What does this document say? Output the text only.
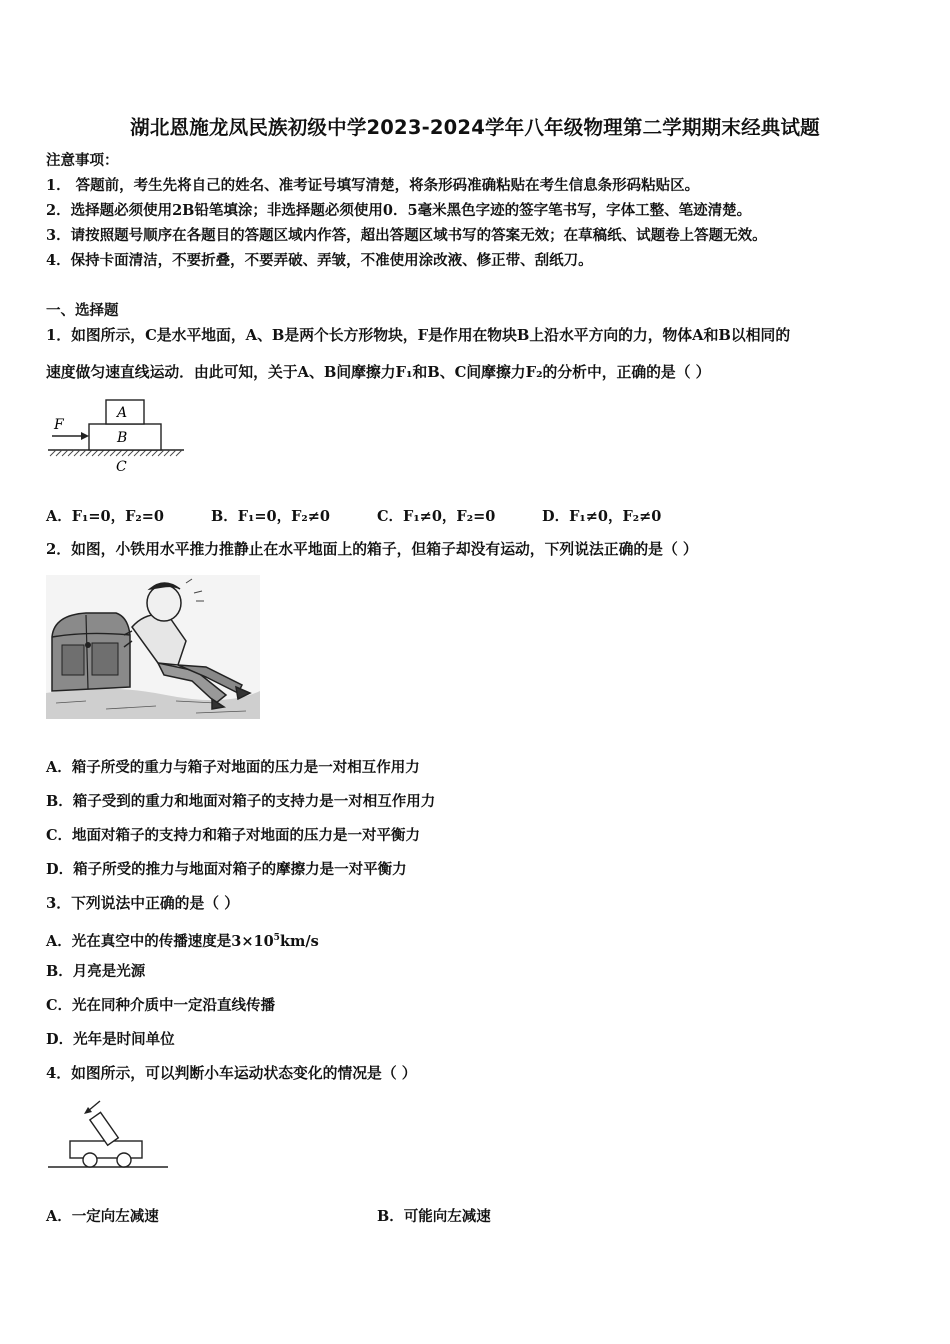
湖北恩施龙凤民族初级中学2023-2024学年八年级物理第二学期期末经典试题
注意事项：
1． 答题前，考生先将自己的姓名、准考证号填写清楚，将条形码准确粘贴在考生信息条形码粘贴区。
2．选择题必须使用2B铅笔填涂；非选择题必须使用0．5毫米黑色字迹的签字笔书写，字体工整、笔迹清楚。
3．请按照题号顺序在各题目的答题区域内作答，超出答题区域书写的答案无效；在草稿纸、试题卷上答题无效。
4．保持卡面清洁，不要折叠，不要弄破、弄皱，不准使用涂改液、修正带、刮纸刀。
一、选择题
1．如图所示，C是水平地面，A、B是两个长方形物块，F是作用在物块B上沿水平方向的力，物体A和B以相同的
速度做匀速直线运动．由此可知，关于A、B间摩擦力F₁和B、C间摩擦力F₂的分析中，正确的是（ ）
A
B
C
F
A．F₁=0，F₂=0	B．F₁=0，F₂≠0	C．F₁≠0，F₂=0	D．F₁≠0，F₂≠0
2．如图，小铁用水平推力推静止在水平地面上的箱子，但箱子却没有运动，下列说法正确的是（ ）
A．箱子所受的重力与箱子对地面的压力是一对相互作用力
B．箱子受到的重力和地面对箱子的支持力是一对相互作用力
C．地面对箱子的支持力和箱子对地面的压力是一对平衡力
D．箱子所受的推力与地面对箱子的摩擦力是一对平衡力
3．下列说法中正确的是（ ）
A．光在真空中的传播速度是$3\times 10^5km/s$
B．月亮是光源
C．光在同种介质中一定沿直线传播
D．光年是时间单位
4．如图所示，可以判断小车运动状态变化的情况是（ ）
A．一定向左减速	B．可能向左减速
